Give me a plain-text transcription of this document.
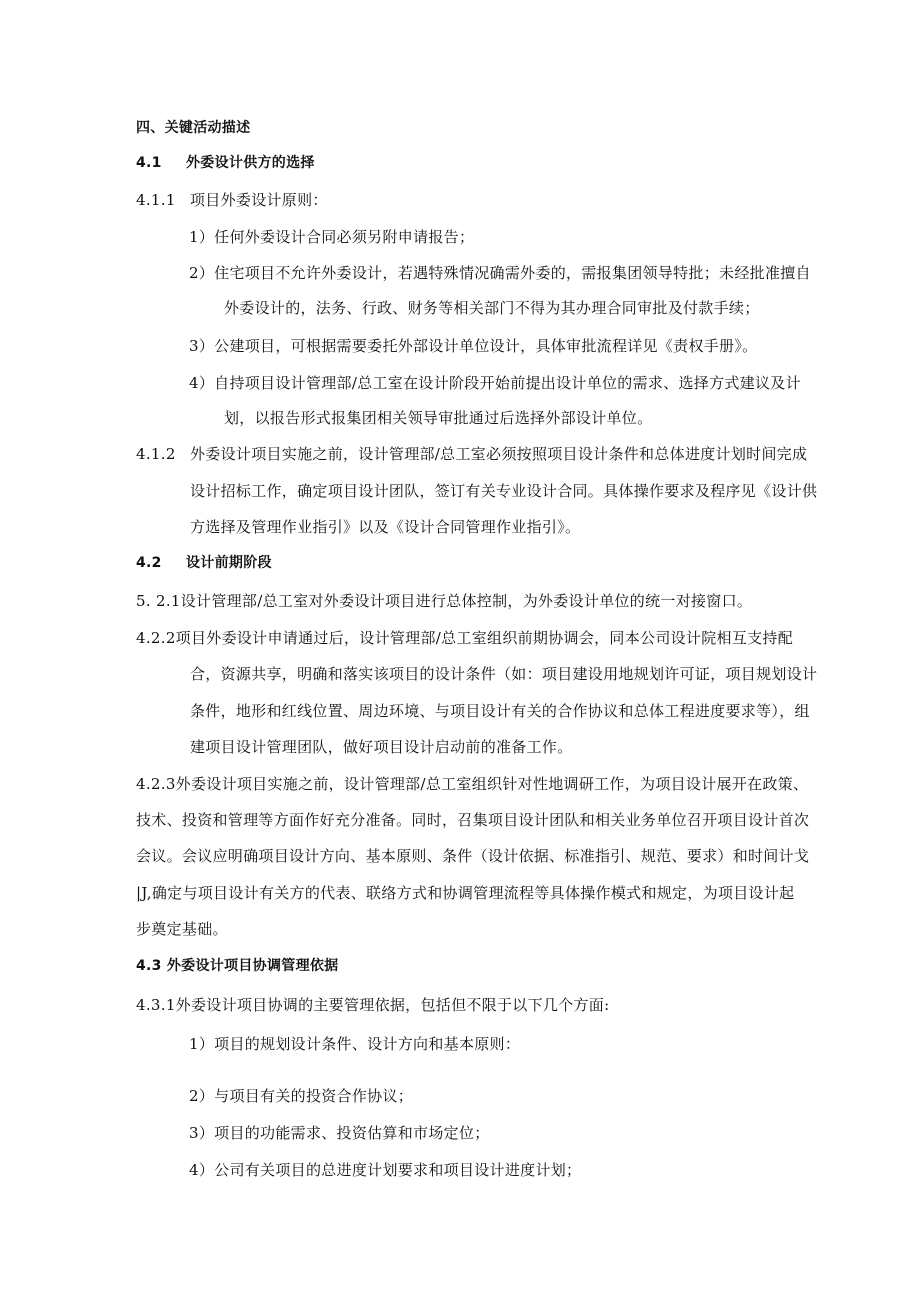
四、关键活动描述
4.1 外委设计供方的选择
4.1.1 项目外委设计原则：
1）任何外委设计合同必须另附申请报告；
2）住宅项目不允许外委设计，若遇特殊情况确需外委的，需报集团领导特批；未经批准擅自
外委设计的，法务、行政、财务等相关部门不得为其办理合同审批及付款手续；
3）公建项目，可根据需要委托外部设计单位设计，具体审批流程详见《责权手册》。
4）自持项目设计管理部/总工室在设计阶段开始前提出设计单位的需求、选择方式建议及计
划，以报告形式报集团相关领导审批通过后选择外部设计单位。
4.1.2 外委设计项目实施之前，设计管理部/总工室必须按照项目设计条件和总体进度计划时间完成
设计招标工作，确定项目设计团队，签订有关专业设计合同。具体操作要求及程序见《设计供
方选择及管理作业指引》以及《设计合同管理作业指引》。
4.2 设计前期阶段
5. 2.1设计管理部/总工室对外委设计项目进行总体控制，为外委设计单位的统一对接窗口。
4.2.2项目外委设计申请通过后，设计管理部/总工室组织前期协调会，同本公司设计院相互支持配
合，资源共享，明确和落实该项目的设计条件（如：项目建设用地规划许可证，项目规划设计
条件，地形和红线位置、周边环境、与项目设计有关的合作协议和总体工程进度要求等），组
建项目设计管理团队，做好项目设计启动前的准备工作。
4.2.3外委设计项目实施之前，设计管理部/总工室组织针对性地调研工作，为项目设计展开在政策、
技术、投资和管理等方面作好充分准备。同时，召集项目设计团队和相关业务单位召开项目设计首次
会议。会议应明确项目设计方向、基本原则、条件（设计依据、标准指引、规范、要求）和时间计戈
|J,确定与项目设计有关方的代表、联络方式和协调管理流程等具体操作模式和规定，为项目设计起
步奠定基础。
4.3 外委设计项目协调管理依据
4.3.1外委设计项目协调的主要管理依据，包括但不限于以下几个方面:
1）项目的规划设计条件、设计方向和基本原则：
2）与项目有关的投资合作协议；
3）项目的功能需求、投资估算和市场定位；
4）公司有关项目的总进度计划要求和项目设计进度计划；
